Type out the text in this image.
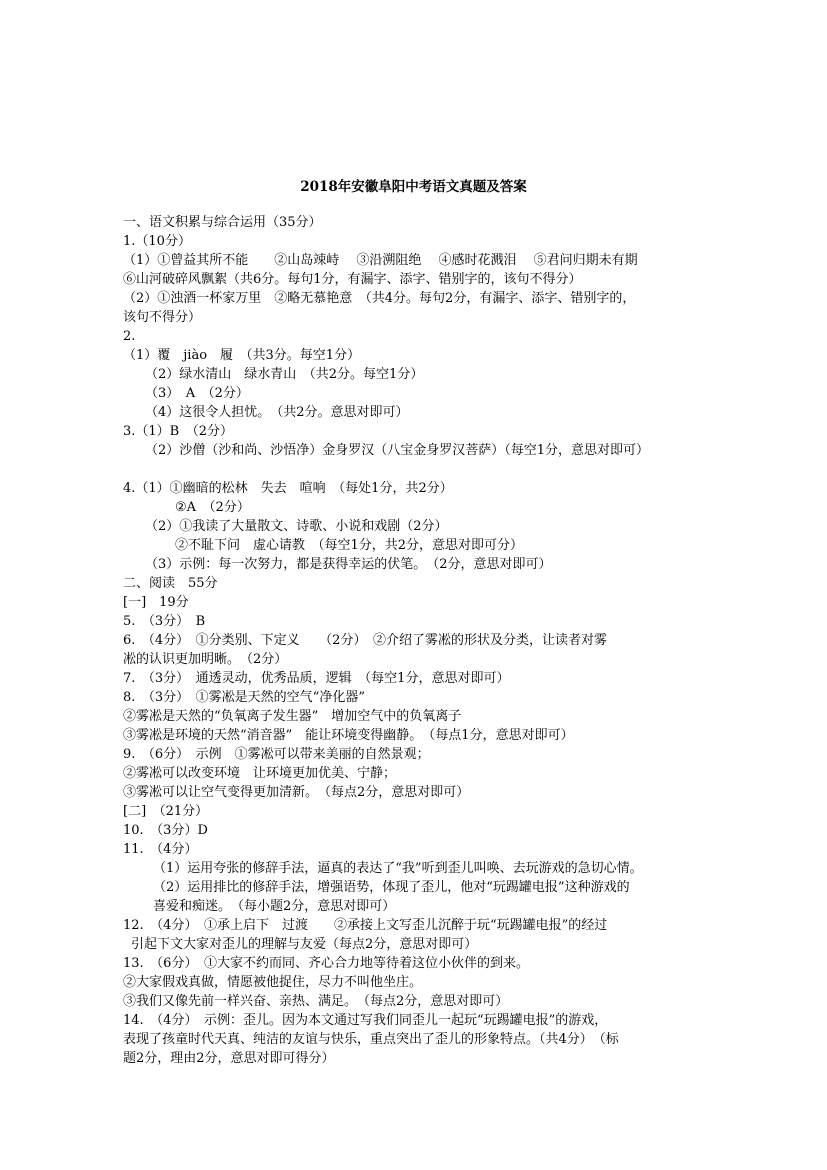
2018年安徽阜阳中考语文真题及答案
一、语文积累与综合运用（35分）
1.（10分）
（1）①曾益其所不能　　②山岛竦峙　 ③沿溯阻绝　 ④感时花溅泪　 ⑤君问归期未有期
⑥山河破碎风飘絮（共6分。每句1分，有漏字、添字、错别字的，该句不得分）
（2）①浊酒一杯家万里　②略无慕艳意　（共4分。每句2分，有漏字、添字、错别字的，
该句不得分）
2.
（1）覆　jiào　履　（共3分。每空1分）
（2）绿水清山　绿水青山　（共2分。每空1分）
（3）　A　（2分）
（4）这很令人担忧。　（共2分。意思对即可）
3.（1）B　（2分）
（2）沙僧（沙和尚、沙悟净）金身罗汉（八宝金身罗汉菩萨）（每空1分，意思对即可）
4.（1）①幽暗的松林　失去　喧响　（每处1分，共2分）
②A　（2分）
（2）①我读了大量散文、诗歌、小说和戏剧（2分）
②不耻下问　虚心请教　（每空1分，共2分，意思对即可分）
（3）示例：每一次努力，都是获得幸运的伏笔。　（2分，意思对即可）
二、阅读　55分
[一]　19分
5.　（3分）　B
6.　（4分）　①分类别、下定义　　（2分）　②介绍了雾凇的形状及分类，让读者对雾
凇的认识更加明晰。　（2分）
7.　（3分）　通透灵动，优秀品质，逻辑　（每空1分，意思对即可）
8.　（3分）　①雾凇是天然的空气“净化器”
②雾凇是天然的“负氧离子发生器”　增加空气中的负氧离子
③雾凇是环境的天然“消音器”　能让环境变得幽静。　（每点1分，意思对即可）
9.　（6分）　示例　①雾凇可以带来美丽的自然景观；
②雾凇可以改变环境　让环境更加优美、宁静；
③雾凇可以让空气变得更加清新。　（每点2分，意思对即可）
[二]　（21分）
10.　（3分）D
11.　（4分）
（1）运用夸张的修辞手法，逼真的表达了“我”听到歪儿叫唤、去玩游戏的急切心情。
（2）运用排比的修辞手法，增强语势，体现了歪儿，他对“玩踢罐电报”这种游戏的
喜爱和痴迷。　（每小题2分，意思对即可）
12.　（4分）　①承上启下　过渡　　②承接上文写歪儿沉醉于玩“玩踢罐电报”的经过
引起下文大家对歪儿的理解与友爱（每点2分，意思对即可）
13.　（6分）　①大家不约而同、齐心合力地等待着这位小伙伴的到来。
②大家假戏真做，情愿被他捉住，尽力不叫他坐庄。
③我们又像先前一样兴奋、亲热、满足。　（每点2分，意思对即可）
14.　（4分）　示例：歪儿。因为本文通过写我们同歪儿一起玩“玩踢罐电报”的游戏，
表现了孩童时代天真、纯洁的友谊与快乐，重点突出了歪儿的形象特点。（共4分）　（标
题2分，理由2分，意思对即可得分）
